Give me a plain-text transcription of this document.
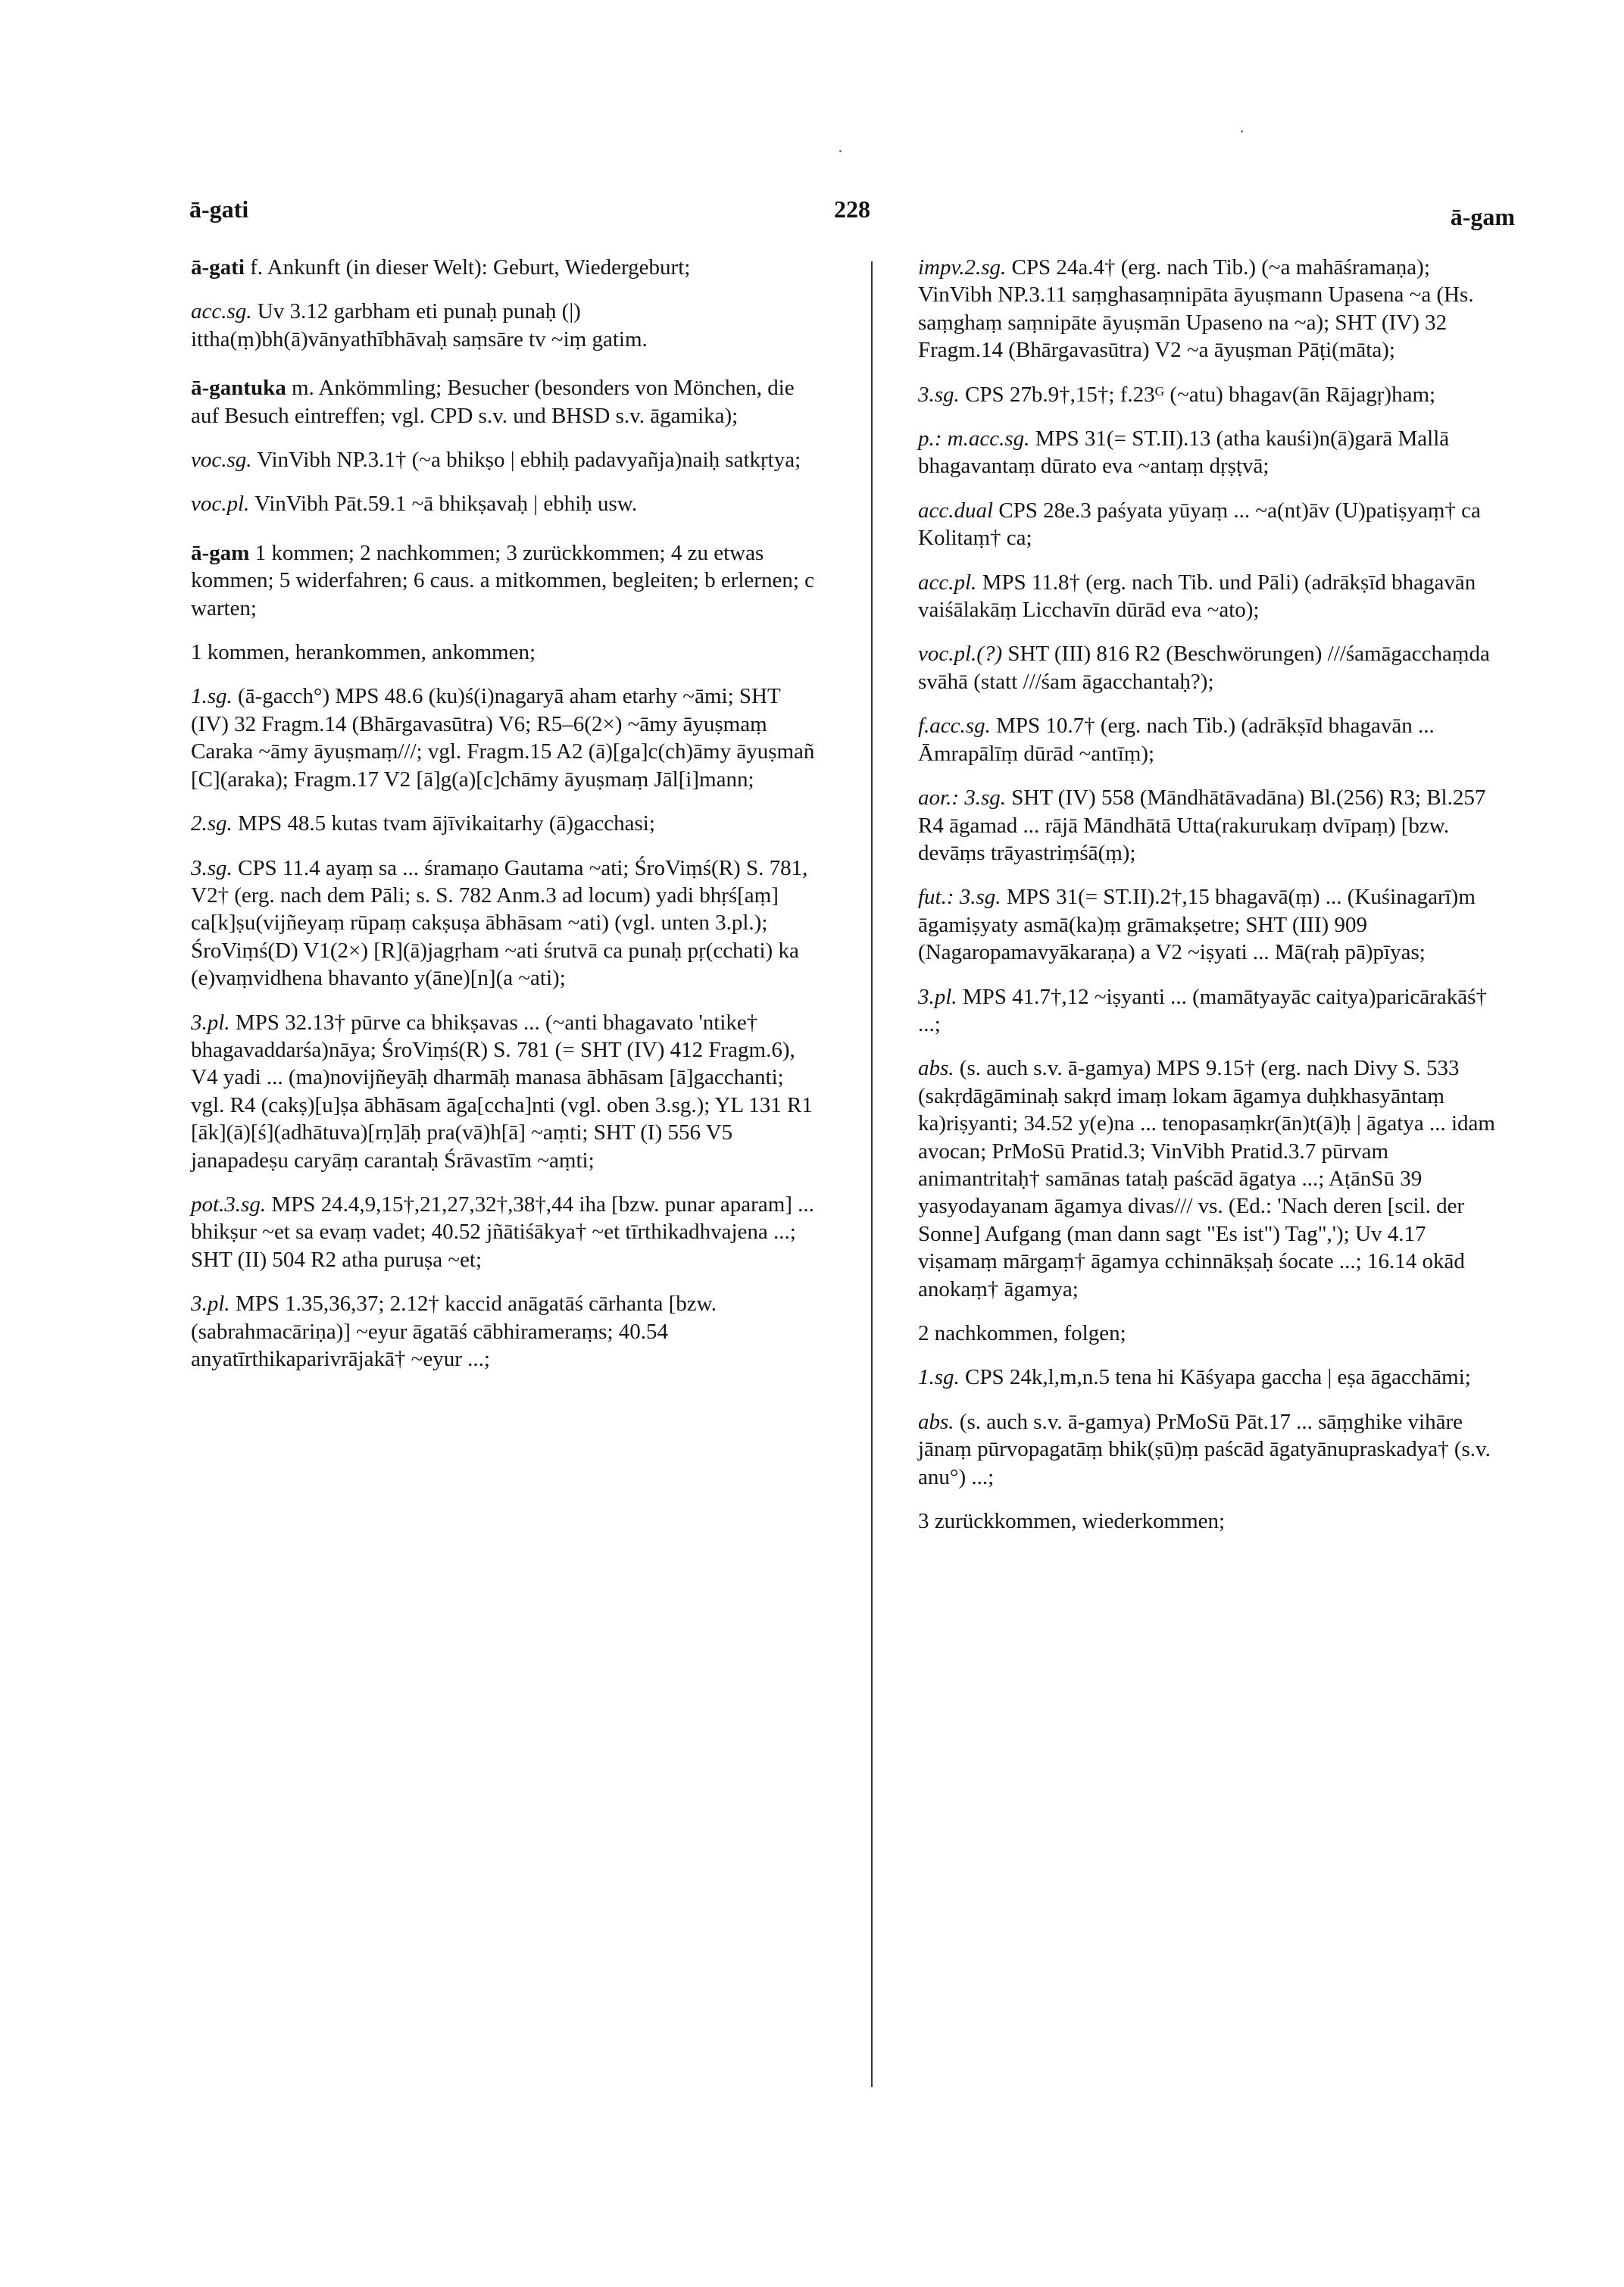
ā-gati	228	ā-gam

ā-gati f. Ankunft (in dieser Welt): Geburt, Wiedergeburt;

acc.sg. Uv 3.12 garbham eti punaḥ punaḥ (|) ittha(ṃ)bh(ā)vānyathībhāvaḥ saṃsāre tv ~iṃ gatim.

ā-gantuka m. Ankömmling; Besucher (besonders von Mönchen, die auf Besuch eintreffen; vgl. CPD s.v. und BHSD s.v. āgamika);

voc.sg. VinVibh NP.3.1† (~a bhikṣo | ebhiḥ padavyañja)naiḥ satkṛtya;

voc.pl. VinVibh Pāt.59.1 ~ā bhikṣavaḥ | ebhiḥ usw.

ā-gam 1 kommen; 2 nachkommen; 3 zurückkommen; 4 zu etwas kommen; 5 widerfahren; 6 caus. a mitkommen, begleiten; b erlernen; c warten;

1 kommen, herankommen, ankommen;

1.sg. (ā-gacch°) MPS 48.6 (ku)ś(i)nagaryā aham etarhy ~āmi; SHT (IV) 32 Fragm.14 (Bhārgavasūtra) V6; R5–6(2×) ~āmy āyuṣmaṃ Caraka ~āmy āyuṣmaṃ///; vgl. Fragm.15 A2 (ā)[ga]c(ch)āmy āyuṣmañ [C](araka); Fragm.17 V2 [ā]g(a)[c]chāmy āyuṣmaṃ Jāl[i]mann;

2.sg. MPS 48.5 kutas tvam ājīvikaitarhy (ā)gacchasi;

3.sg. CPS 11.4 ayaṃ sa ... śramaṇo Gautama ~ati; ŚroViṃś(R) S. 781, V2† (erg. nach dem Pāli; s. S. 782 Anm.3 ad locum) yadi bhṛś[aṃ] ca[k]ṣu(vijñeyaṃ rūpaṃ cakṣuṣa ābhāsam ~ati) (vgl. unten 3.pl.); ŚroViṃś(D) V1(2×) [R](ā)jagṛham ~ati śrutvā ca punaḥ pṛ(cchati) ka (e)vaṃvidhena bhavanto y(āne)[n](a ~ati);

3.pl. MPS 32.13† pūrve ca bhikṣavas ... (~anti bhagavato 'ntike† bhagavaddarśa)nāya; ŚroViṃś(R) S. 781 (= SHT (IV) 412 Fragm.6), V4 yadi ... (ma)novijñeyāḥ dharmāḥ manasa ābhāsam [ā]gacchanti; vgl. R4 (cakṣ)[u]ṣa ābhāsam āga[ccha]nti (vgl. oben 3.sg.); YL 131 R1 [āk](ā)[ś](adhātuva)[rṇ]āḥ pra(vā)h[ā] ~aṃti; SHT (I) 556 V5 janapadeṣu caryāṃ carantaḥ Śrāvastīm ~aṃti;

pot.3.sg. MPS 24.4,9,15†,21,27,32†,38†,44 iha [bzw. punar aparam] ... bhikṣur ~et sa evaṃ vadet; 40.52 jñātiśākya† ~et tīrthikadhvajena ...; SHT (II) 504 R2 atha puruṣa ~et;

3.pl. MPS 1.35,36,37; 2.12† kaccid anāgatāś cārhanta [bzw. (sabrahmacāriṇa)] ~eyur āgatāś cābhirameraṃs; 40.54 anyatīrthikaparivrājakā† ~eyur ...;

impv.2.sg. CPS 24a.4† (erg. nach Tib.) (~a mahāśramaṇa); VinVibh NP.3.11 saṃghasaṃnipāta āyuṣmann Upasena ~a (Hs. saṃghaṃ saṃnipāte āyuṣmān Upaseno na ~a); SHT (IV) 32 Fragm.14 (Bhārgavasūtra) V2 ~a āyuṣman Pāṭi(māta);

3.sg. CPS 27b.9†,15†; f.23ᴳ (~atu) bhagav(ān Rājagṛ)ham;

p.: m.acc.sg. MPS 31(= ST.II).13 (atha kauśi)n(ā)garā Mallā bhagavantaṃ dūrato eva ~antaṃ dṛṣṭvā;

acc.dual CPS 28e.3 paśyata yūyaṃ ... ~a(nt)āv (U)patiṣyaṃ† ca Kolitaṃ† ca;

acc.pl. MPS 11.8† (erg. nach Tib. und Pāli) (adrākṣīd bhagavān vaiśālakāṃ Licchavīn dūrād eva ~ato);

voc.pl.(?) SHT (III) 816 R2 (Beschwörungen) ///śamāgacchaṃda svāhā (statt ///śam āgacchantaḥ?);

f.acc.sg. MPS 10.7† (erg. nach Tib.) (adrākṣīd bhagavān ... Āmrapālīṃ dūrād ~antīṃ);

aor.: 3.sg. SHT (IV) 558 (Māndhātāvadāna) Bl.(256) R3; Bl.257 R4 āgamad ... rājā Māndhātā Utta(rakurukaṃ dvīpaṃ) [bzw. devāṃs trāyastriṃśā(ṃ);

fut.: 3.sg. MPS 31(= ST.II).2†,15 bhagavā(ṃ) ... (Kuśinagarī)m āgamiṣyaty asmā(ka)ṃ grāmakṣetre; SHT (III) 909 (Nagaropamavyākaraṇa) a V2 ~iṣyati ... Mā(raḥ pā)pīyas;

3.pl. MPS 41.7†,12 ~iṣyanti ... (mamātyayāc caitya)paricārakāś† ...;

abs. (s. auch s.v. ā-gamya) MPS 9.15† (erg. nach Divy S. 533 (sakṛdāgāminaḥ sakṛd imaṃ lokam āgamya duḥkhasyāntaṃ ka)riṣyanti; 34.52 y(e)na ... tenopasaṃkr(ān)t(ā)ḥ | āgatya ... idam avocan; PrMoSū Pratid.3; VinVibh Pratid.3.7 pūrvam animantritaḥ† samānas tataḥ paścād āgatya ...; AṭānSū 39 yasyodayanam āgamya divas/// vs. (Ed.: 'Nach deren [scil. der Sonne] Aufgang (man dann sagt "Es ist") Tag",'); Uv 4.17 viṣamaṃ mārgaṃ† āgamya cchinnākṣaḥ śocate ...; 16.14 okād anokaṃ† āgamya;

2 nachkommen, folgen;

1.sg. CPS 24k,l,m,n.5 tena hi Kāśyapa gaccha | eṣa āgacchāmi;

abs. (s. auch s.v. ā-gamya) PrMoSū Pāt.17 ... sāṃghike vihāre jānaṃ pūrvopagatāṃ bhik(ṣū)ṃ paścād āgatyānupraskadya† (s.v. anu°) ...;

3 zurückkommen, wiederkommen;
